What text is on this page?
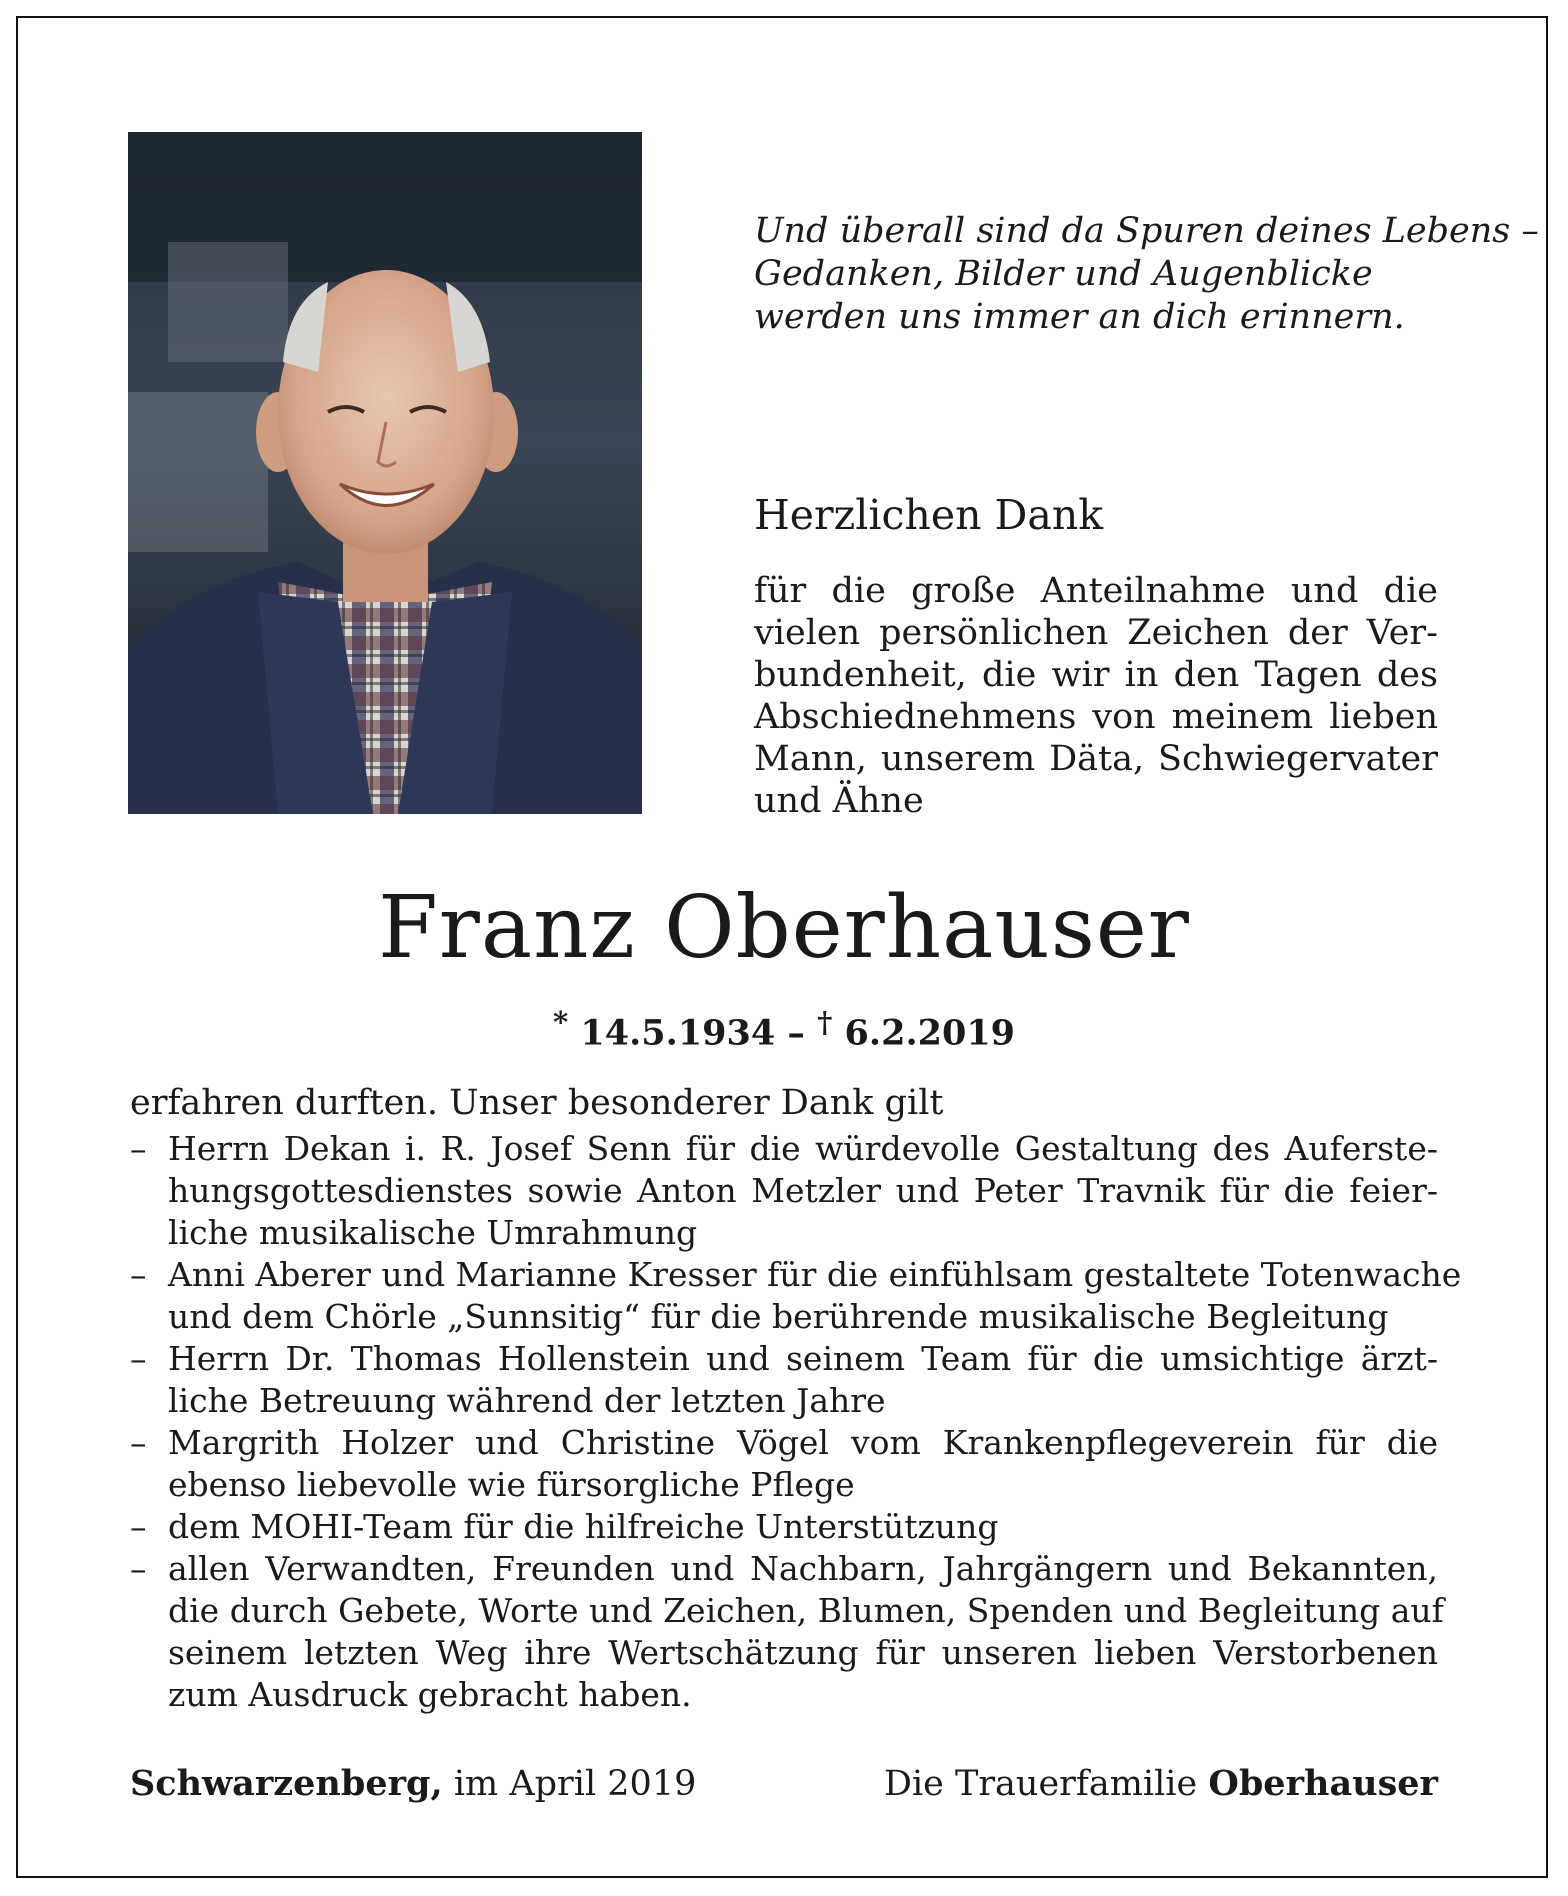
Und überall sind da Spuren deines Lebens –
Gedanken, Bilder und Augenblicke
werden uns immer an dich erinnern.
Herzlichen Dank
für die große Anteilnahme und die
vielen persönlichen Zeichen der Ver-
bundenheit, die wir in den Tagen des
Abschiednehmens von meinem lieben
Mann, unserem Däta, Schwiegervater
und Ähne
Franz Oberhauser
* 14.5.1934 – † 6.2.2019
erfahren durften. Unser besonderer Dank gilt
– Herrn Dekan i. R. Josef Senn für die würdevolle Gestaltung des Auferste-
hungsgottesdienstes sowie Anton Metzler und Peter Travnik für die feier-
liche musikalische Umrahmung
– Anni Aberer und Marianne Kresser für die einfühlsam gestaltete Totenwache
und dem Chörle „Sunnsitig“ für die berührende musikalische Begleitung
– Herrn Dr. Thomas Hollenstein und seinem Team für die umsichtige ärzt-
liche Betreuung während der letzten Jahre
– Margrith Holzer und Christine Vögel vom Krankenpflegeverein für die
ebenso liebevolle wie fürsorgliche Pflege
– dem MOHI-Team für die hilfreiche Unterstützung
– allen Verwandten, Freunden und Nachbarn, Jahrgängern und Bekannten,
die durch Gebete, Worte und Zeichen, Blumen, Spenden und Begleitung auf
seinem letzten Weg ihre Wertschätzung für unseren lieben Verstorbenen
zum Ausdruck gebracht haben.
Schwarzenberg, im April 2019	Die Trauerfamilie Oberhauser
